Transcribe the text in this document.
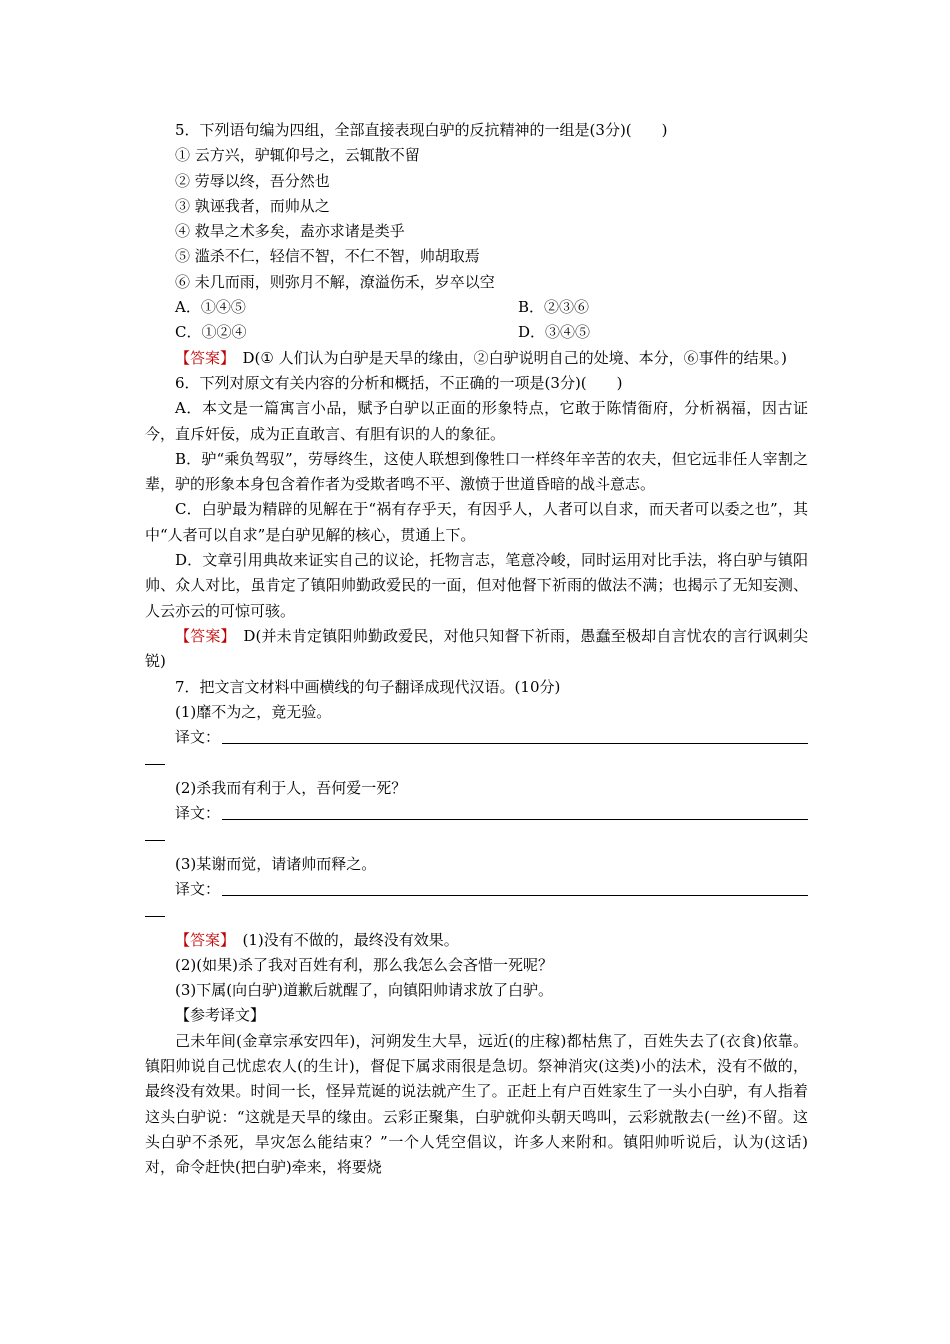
5．下列语句编为四组，全部直接表现白驴的反抗精神的一组是(3分)(　　)
① 云方兴，驴辄仰号之，云辄散不留
② 劳辱以终，吾分然也
③ 孰诬我者，而帅从之
④ 救旱之术多矣，盍亦求诸是类乎
⑤ 滥杀不仁，轻信不智，不仁不智，帅胡取焉
⑥ 未几而雨，则弥月不解，潦溢伤禾，岁卒以空
A．①④⑤	B．②③⑥
C．①②④	D．③④⑤
【答案】　D(① 人们认为白驴是天旱的缘由，②白驴说明自己的处境、本分，⑥事件的结果。)
6．下列对原文有关内容的分析和概括，不正确的一项是(3分)(　　)
A．本文是一篇寓言小品，赋予白驴以正面的形象特点，它敢于陈情衙府，分析祸福，因古证今，直斥奸佞，成为正直敢言、有胆有识的人的象征。
B．驴“乘负驾驭”，劳辱终生，这使人联想到像牲口一样终年辛苦的农夫，但它远非任人宰割之辈，驴的形象本身包含着作者为受欺者鸣不平、激愤于世道昏暗的战斗意志。
C．白驴最为精辟的见解在于“祸有存乎天，有因乎人，人者可以自求，而天者可以委之也”，其中“人者可以自求”是白驴见解的核心，贯通上下。
D．文章引用典故来证实自己的议论，托物言志，笔意冷峻，同时运用对比手法，将白驴与镇阳帅、众人对比，虽肯定了镇阳帅勤政爱民的一面，但对他督下祈雨的做法不满；也揭示了无知妄测、人云亦云的可惊可骇。
【答案】　D(并未肯定镇阳帅勤政爱民，对他只知督下祈雨，愚蠢至极却自言忧农的言行讽刺尖锐)
7．把文言文材料中画横线的句子翻译成现代汉语。(10分)
(1)靡不为之，竟无验。
译文：
(2)杀我而有利于人，吾何爱一死？
译文：
(3)某谢而觉，请诸帅而释之。
译文：
【答案】　(1)没有不做的，最终没有效果。
(2)(如果)杀了我对百姓有利，那么我怎么会吝惜一死呢？
(3)下属(向白驴)道歉后就醒了，向镇阳帅请求放了白驴。
【参考译文】
己未年间(金章宗承安四年)，河朔发生大旱，远近(的庄稼)都枯焦了，百姓失去了(衣食)依靠。镇阳帅说自己忧虑农人(的生计)，督促下属求雨很是急切。祭神消灾(这类)小的法术，没有不做的，最终没有效果。时间一长，怪异荒诞的说法就产生了。正赶上有户百姓家生了一头小白驴，有人指着这头白驴说：“这就是天旱的缘由。云彩正聚集，白驴就仰头朝天鸣叫，云彩就散去(一丝)不留。这头白驴不杀死，旱灾怎么能结束？”一个人凭空倡议，许多人来附和。镇阳帅听说后，认为(这话)对，命令赶快(把白驴)牵来，将要烧
